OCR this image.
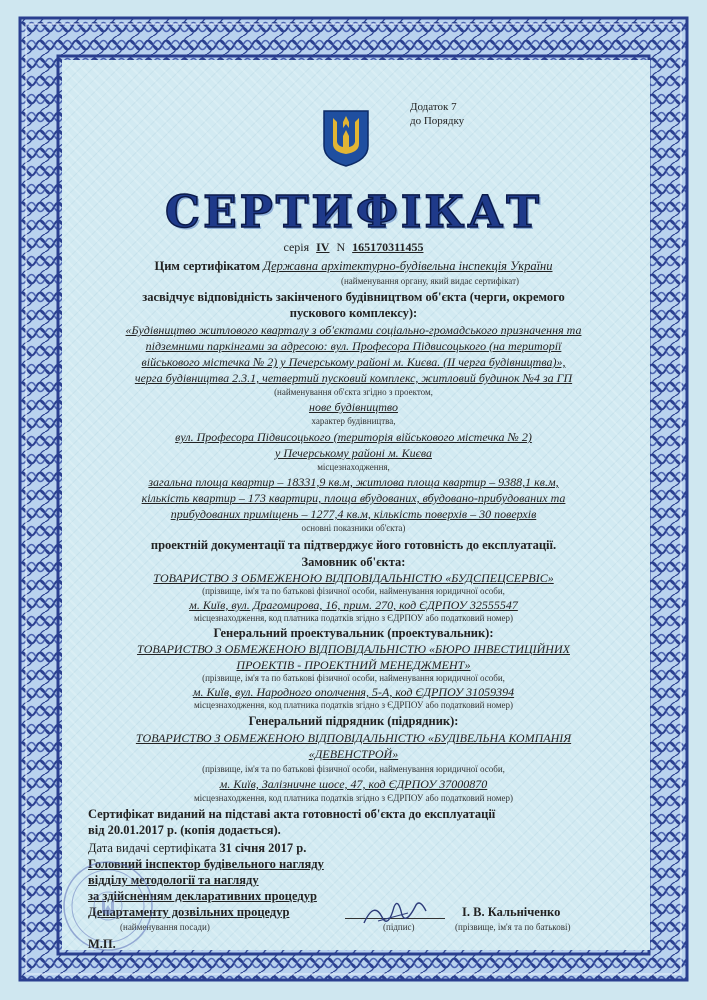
Додаток 7
до Порядку
СЕРТИФІКАТ
серія IV N 165170311455
Цим сертифікатом Державна архітектурно-будівельна інспекція України
(найменування органу, який видає сертифікат)
засвідчує відповідність закінченого будівництвом об'єкта (черги, окремого
пускового комплексу):
«Будівництво житлового кварталу з об'єктами соціально-громадського призначення та
підземними паркінгами за адресою: вул. Професора Підвисоцького (на території
військового містечка № 2) у Печерському районі м. Києва. (II черга будівництва)»,
черга будівництва 2.3.1, четвертий пусковий комплекс, житловий будинок №4 за ГП
(найменування об'єкта згідно з проектом,
нове будівництво
характер будівництва,
вул. Професора Підвисоцького (територія військового містечка № 2)
у Печерському районі м. Києва
місцезнаходження,
загальна площа квартир – 18331,9 кв.м, житлова площа квартир – 9388,1 кв.м,
кількість квартир – 173 квартири, площа вбудованих, вбудовано-прибудованих та
прибудованих приміщень – 1277,4 кв.м, кількість поверхів – 30 поверхів
основні показники об'єкта)
проектній документації та підтверджує його готовність до експлуатації.
Замовник об'єкта:
ТОВАРИСТВО З ОБМЕЖЕНОЮ ВІДПОВІДАЛЬНІСТЮ «БУДСПЕЦСЕРВІС»
(прізвище, ім'я та по батькові фізичної особи, найменування юридичної особи,
м. Київ, вул. Драгомирова, 16, прим. 270, код ЄДРПОУ 32555547
місцезнаходження, код платника податків згідно з ЄДРПОУ або податковий номер)
Генеральний проектувальник (проектувальник):
ТОВАРИСТВО З ОБМЕЖЕНОЮ ВІДПОВІДАЛЬНІСТЮ «БЮРО ІНВЕСТИЦІЙНИХ
ПРОЕКТІВ - ПРОЕКТНИЙ МЕНЕДЖМЕНТ»
(прізвище, ім'я та по батькові фізичної особи, найменування юридичної особи,
м. Київ, вул. Народного ополчення, 5-А, код ЄДРПОУ 31059394
місцезнаходження, код платника податків згідно з ЄДРПОУ або податковий номер)
Генеральний підрядник (підрядник):
ТОВАРИСТВО З ОБМЕЖЕНОЮ ВІДПОВІДАЛЬНІСТЮ «БУДІВЕЛЬНА КОМПАНІЯ
«ДЕВЕНСТРОЙ»
(прізвище, ім'я та по батькові фізичної особи, найменування юридичної особи,
м. Київ, Залізничне шосе, 47, код ЄДРПОУ 37000870
місцезнаходження, код платника податків згідно з ЄДРПОУ або податковий номер)
Сертифікат виданий на підставі акта готовності об'єкта до експлуатації
від 20.01.2017 р. (копія додається).
Дата видачі сертифіката 31 січня 2017 р.
Головний інспектор будівельного нагляду
відділу методології та нагляду
за здійсненням декларативних процедур
Департаменту дозвільних процедур
(найменування посади)	(підпис)
І. В. Кальніченко
(прізвище, ім'я та по батькові)
М.П.
